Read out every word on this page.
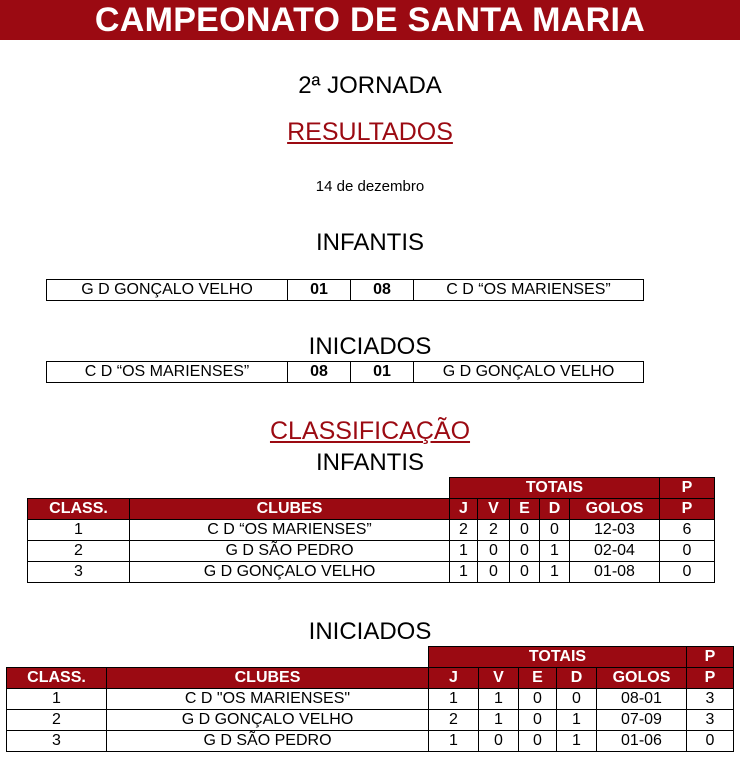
CAMPEONATO DE SANTA MARIA
2ª JORNADA
RESULTADOS
14 de dezembro
INFANTIS
G D GONÇALO VELHO	01	08	C D “OS MARIENSES”
INICIADOS
C D “OS MARIENSES”	08	01	G D GONÇALO VELHO
CLASSIFICAÇÃO
INFANTIS
		TOTAIS					P
CLASS.	CLUBES	J	V	E	D	GOLOS	P
1	C D “OS MARIENSES”	2	2	0	0	12-03	6
2	G D SÃO PEDRO	1	0	0	1	02-04	0
3	G D GONÇALO VELHO	1	0	0	1	01-08	0
INICIADOS
		TOTAIS					P
CLASS.	CLUBES	J	V	E	D	GOLOS	P
1	C D "OS MARIENSES"	1	1	0	0	08-01	3
2	G D GONÇALO VELHO	2	1	0	1	07-09	3
3	G D SÃO PEDRO	1	0	0	1	01-06	0
